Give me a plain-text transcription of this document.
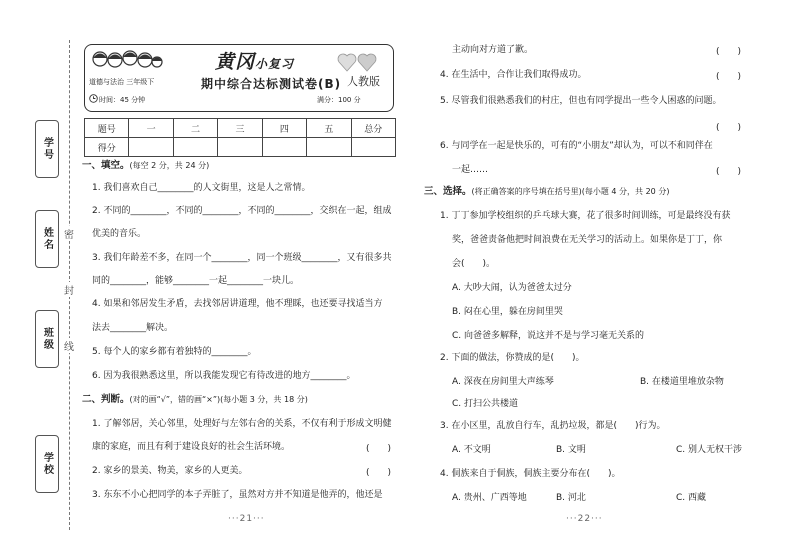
学号
姓名
班级
学校
密
封
线
黄冈小复习
道德与法治 三年级下	期中综合达标测试卷(B) 人教版
时间：45 分钟	满分：100 分
题号	一	二	三	四	五	总分
得分						
一、填空。(每空 2 分，共 24 分)
1. 我们喜欢自己________的人文街里，这是人之常情。
2. 不同的________，不同的________，不同的________，交织在一起，组成
优美的音乐。
3. 我们年龄差不多，在同一个________，同一个班级________，又有很多共
同的________，能够________一起________一块儿。
4. 如果和邻居发生矛盾，去找邻居讲道理，他不理睬，也还要寻找适当方
法去________解决。
5. 每个人的家乡都有着独特的________。
6. 因为我很熟悉这里，所以我能发现它有待改进的地方________。
二、判断。(对的画“√”，错的画“×”)(每小题 3 分，共 18 分)
1. 了解邻居，关心邻里，处理好与左邻右舍的关系，不仅有利于形成文明健
康的家庭，而且有利于建设良好的社会生活环境。	(　　)
2. 家乡的景美、物美，家乡的人更美。	(　　)
3. 东东不小心把同学的本子弄脏了，虽然对方并不知道是他弄的，他还是
···21···
主动向对方道了歉。	(　　)
4. 在生活中，合作让我们取得成功。	(　　)
5. 尽管我们很熟悉我们的村庄，但也有同学提出一些令人困惑的问题。
(　　)
6. 与同学在一起是快乐的，可有的“小朋友”却认为，可以不和同伴在
一起……	(　　)
三、选择。(将正确答案的序号填在括号里)(每小题 4 分，共 20 分)
1. 丁丁参加学校组织的乒乓球大赛，花了很多时间训练，可是最终没有获
奖，爸爸责备他把时间浪费在无关学习的活动上。如果你是丁丁，你
会(　　)。
A. 大吵大闹，认为爸爸太过分
B. 闷在心里，躲在房间里哭
C. 向爸爸多解释，说这并不是与学习毫无关系的
2. 下面的做法，你赞成的是(　　)。
A. 深夜在房间里大声练琴	B. 在楼道里堆放杂物
C. 打扫公共楼道
3. 在小区里，乱放自行车，乱扔垃圾，都是(　　)行为。
A. 不文明	B. 文明	C. 别人无权干涉
4. 侗族来自于侗族，侗族主要分布在(　　)。
A. 贵州、广西等地	B. 河北	C. 西藏
···22···
